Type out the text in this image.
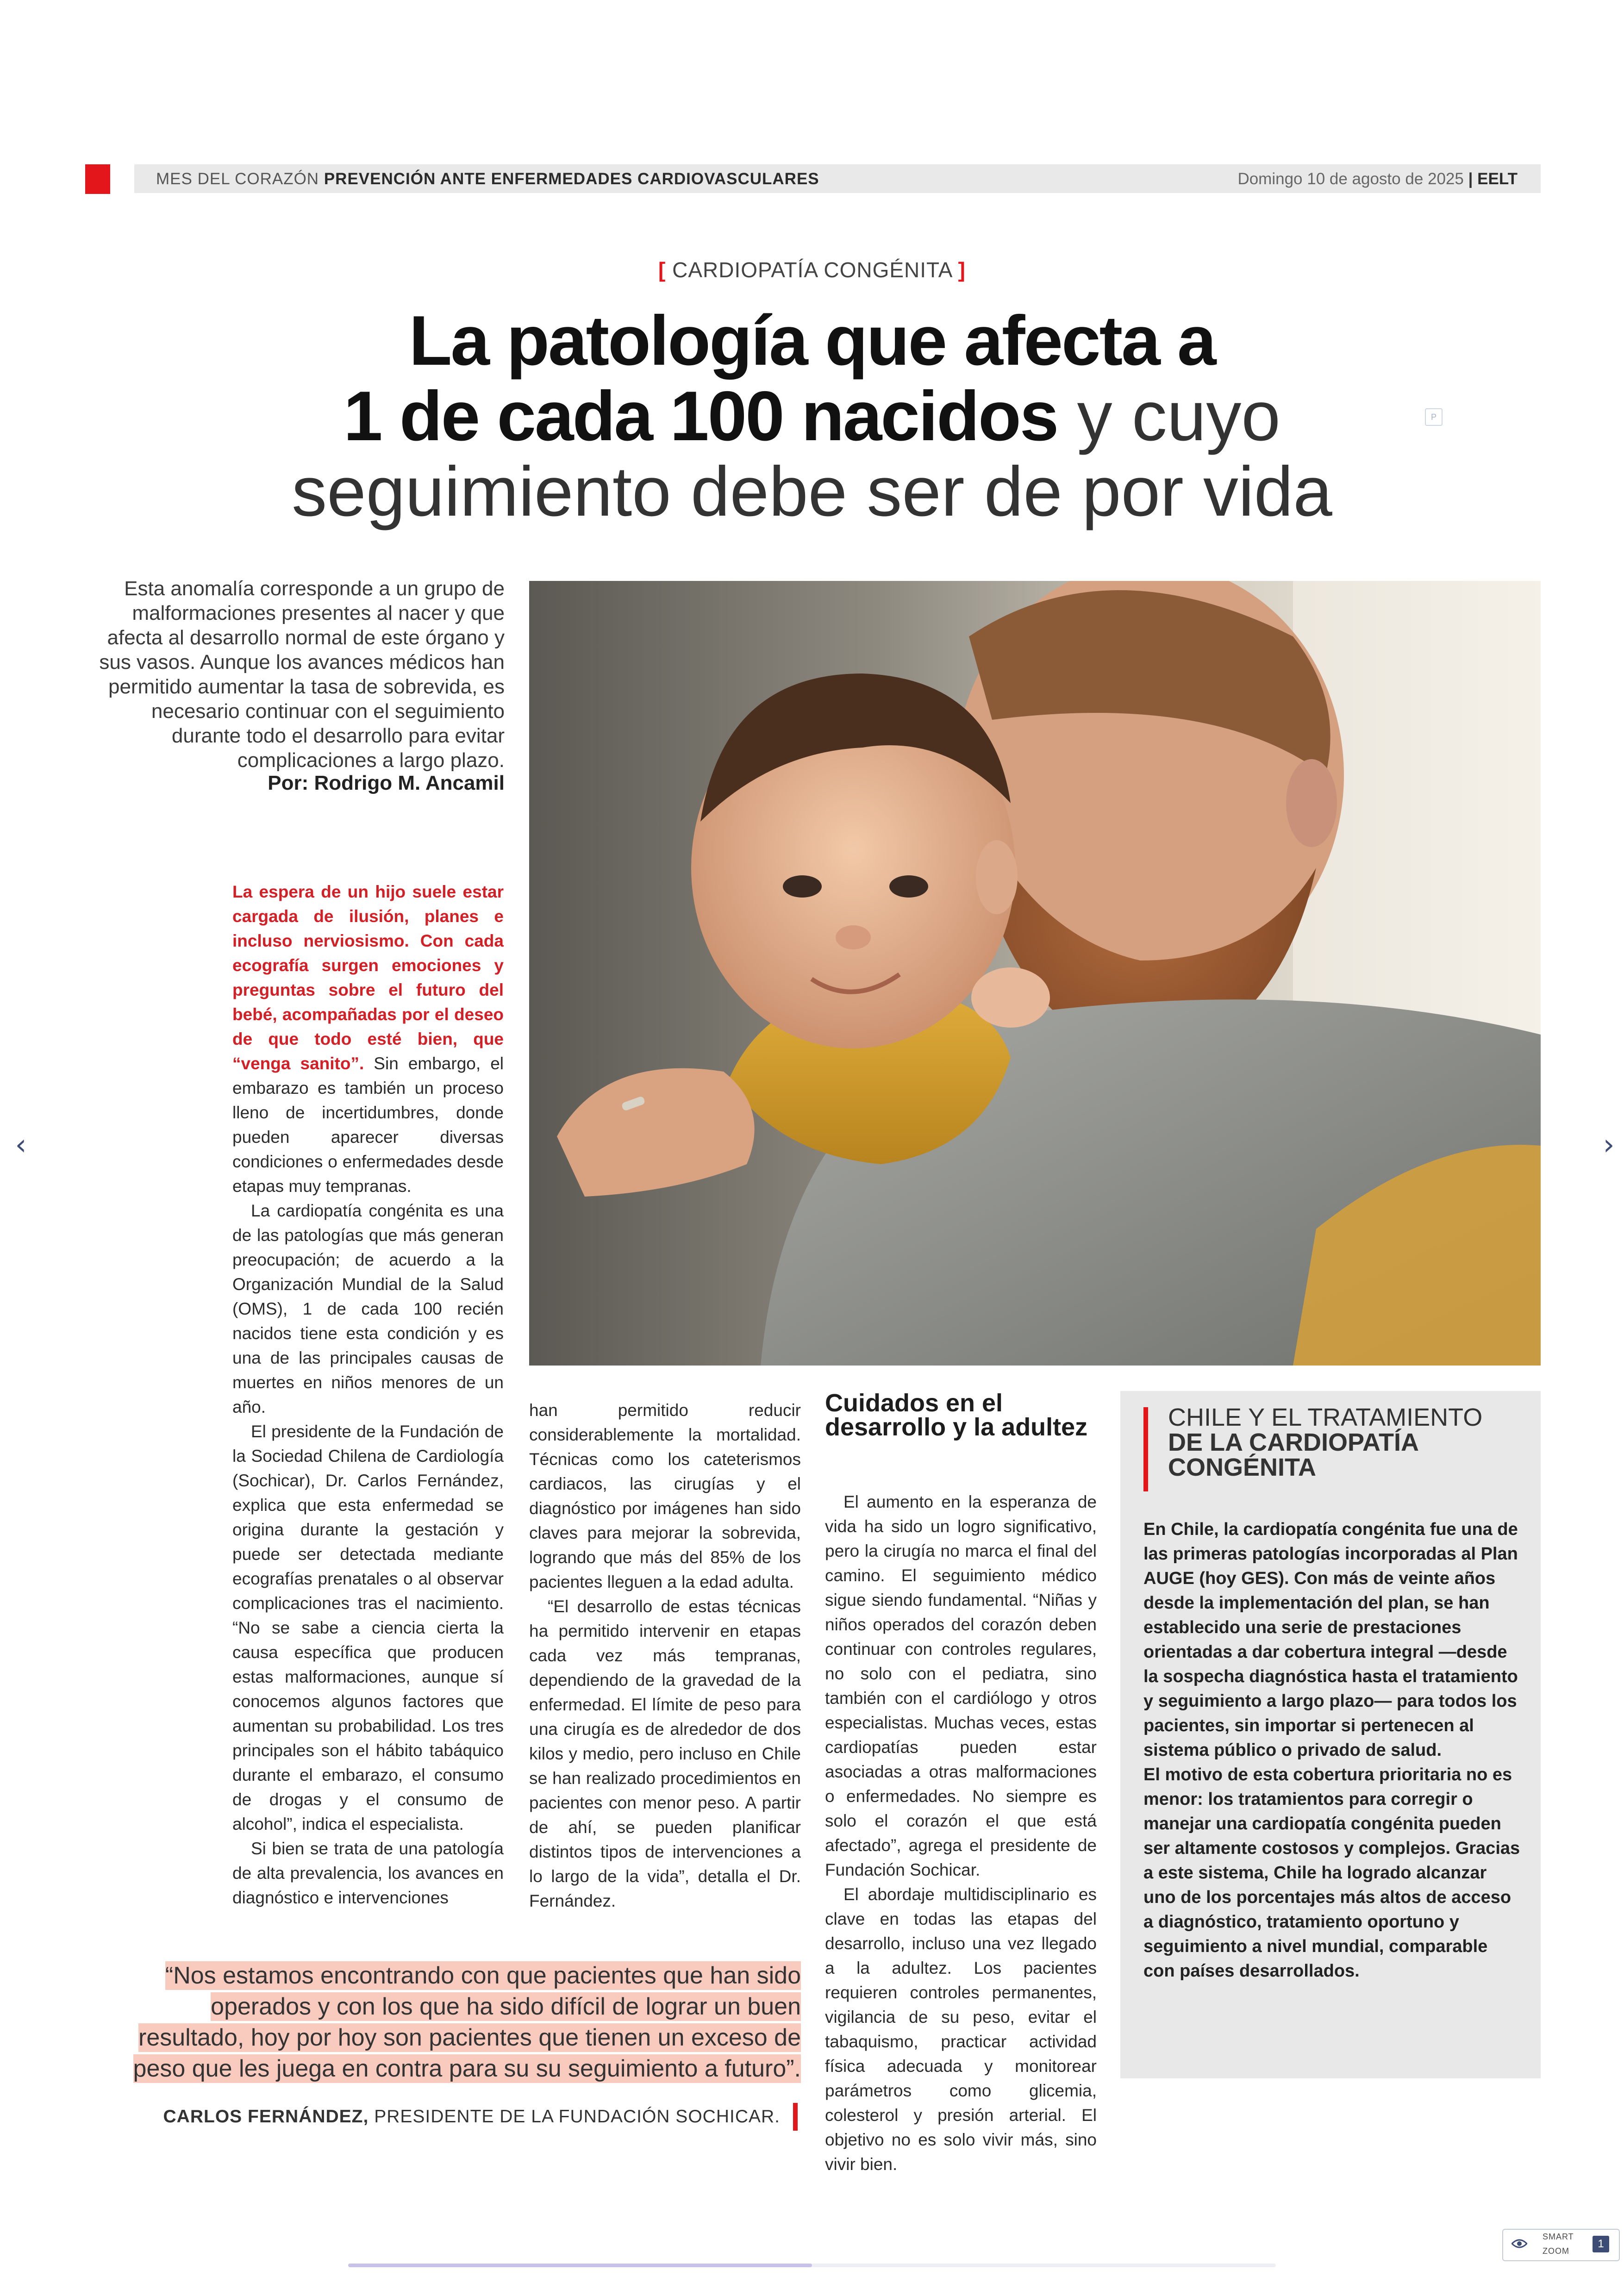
MES DEL CORAZÓN PREVENCIÓN ANTE ENFERMEDADES CARDIOVASCULARES	Domingo 10 de agosto de 2025 | EELT
[ CARDIOPATÍA CONGÉNITA ]
La patología que afecta a
1 de cada 100 nacidos y cuyo
seguimiento debe ser de por vida
P
Esta anomalía corresponde a un grupo de malformaciones presentes al nacer y que afecta al desarrollo normal de este órgano y sus vasos. Aunque los avances médicos han permitido aumentar la tasa de sobrevida, es necesario continuar con el seguimiento durante todo el desarrollo para evitar complicaciones a largo plazo.
Por: Rodrigo M. Ancamil

La espera de un hijo suele estar cargada de ilusión, planes e incluso nerviosismo. Con cada ecografía surgen emociones y preguntas sobre el futuro del bebé, acompañadas por el deseo de que todo esté bien, que “venga sanito”. Sin embargo, el embarazo es también un proceso lleno de incertidumbres, donde pueden aparecer diversas condiciones o enfermedades desde etapas muy tempranas.

La cardiopatía congénita es una de las patologías que más generan preocupación; de acuerdo a la Organización Mundial de la Salud (OMS), 1 de cada 100 recién nacidos tiene esta condición y es una de las principales causas de muertes en niños menores de un año.

El presidente de la Fundación de la Sociedad Chilena de Cardiología (Sochicar), Dr. Carlos Fernández, explica que esta enfermedad se origina durante la gestación y puede ser detectada mediante ecografías prenatales o al observar complicaciones tras el nacimiento. “No se sabe a ciencia cierta la causa específica que producen estas malformaciones, aunque sí conocemos algunos factores que aumentan su probabilidad. Los tres principales son el hábito tabáquico durante el embarazo, el consumo de drogas y el consumo de alcohol”, indica el especialista.

Si bien se trata de una patología de alta prevalencia, los avances en diagnóstico e intervenciones

han permitido reducir considerablemente la mortalidad. Técnicas como los cateterismos cardiacos, las cirugías y el diagnóstico por imágenes han sido claves para mejorar la sobrevida, logrando que más del 85% de los pacientes lleguen a la edad adulta.

“El desarrollo de estas técnicas ha permitido intervenir en etapas cada vez más tempranas, dependiendo de la gravedad de la enfermedad. El límite de peso para una cirugía es de alrededor de dos kilos y medio, pero incluso en Chile se han realizado procedimientos en pacientes con menor peso. A partir de ahí, se pueden planificar distintos tipos de intervenciones a lo largo de la vida”, detalla el Dr. Fernández.

Cuidados en el desarrollo y la adultez

El aumento en la esperanza de vida ha sido un logro significativo, pero la cirugía no marca el final del camino. El seguimiento médico sigue siendo fundamental. “Niñas y niños operados del corazón deben continuar con controles regulares, no solo con el pediatra, sino también con el cardiólogo y otros especialistas. Muchas veces, estas cardiopatías pueden estar asociadas a otras malformaciones o enfermedades. No siempre es solo el corazón el que está afectado”, agrega el presidente de Fundación Sochicar.

El abordaje multidisciplinario es clave en todas las etapas del desarrollo, incluso una vez llegado a la adultez. Los pacientes requieren controles permanentes, vigilancia de su peso, evitar el tabaquismo, practicar actividad física adecuada y monitorear parámetros como glicemia, colesterol y presión arterial. El objetivo no es solo vivir más, sino vivir bien.

CHILE Y EL TRATAMIENTO
DE LA CARDIOPATÍA CONGÉNITA

En Chile, la cardiopatía congénita fue una de las primeras patologías incorporadas al Plan AUGE (hoy GES). Con más de veinte años desde la implementación del plan, se han establecido una serie de prestaciones orientadas a dar cobertura integral —desde la sospecha diagnóstica hasta el tratamiento y seguimiento a largo plazo— para todos los pacientes, sin importar si pertenecen al sistema público o privado de salud.

El motivo de esta cobertura prioritaria no es menor: los tratamientos para corregir o manejar una cardiopatía congénita pueden ser altamente costosos y complejos. Gracias a este sistema, Chile ha logrado alcanzar uno de los porcentajes más altos de acceso a diagnóstico, tratamiento oportuno y seguimiento a nivel mundial, comparable con países desarrollados.

“Nos estamos encontrando con que pacientes que han sido operados y con los que ha sido difícil de lograr un buen resultado, hoy por hoy son pacientes que tienen un exceso de peso que les juega en contra para su su seguimiento a futuro”.
CARLOS FERNÁNDEZ, PRESIDENTE DE LA FUNDACIÓN SOCHICAR.
‹	›
SMART
ZOOM
1
